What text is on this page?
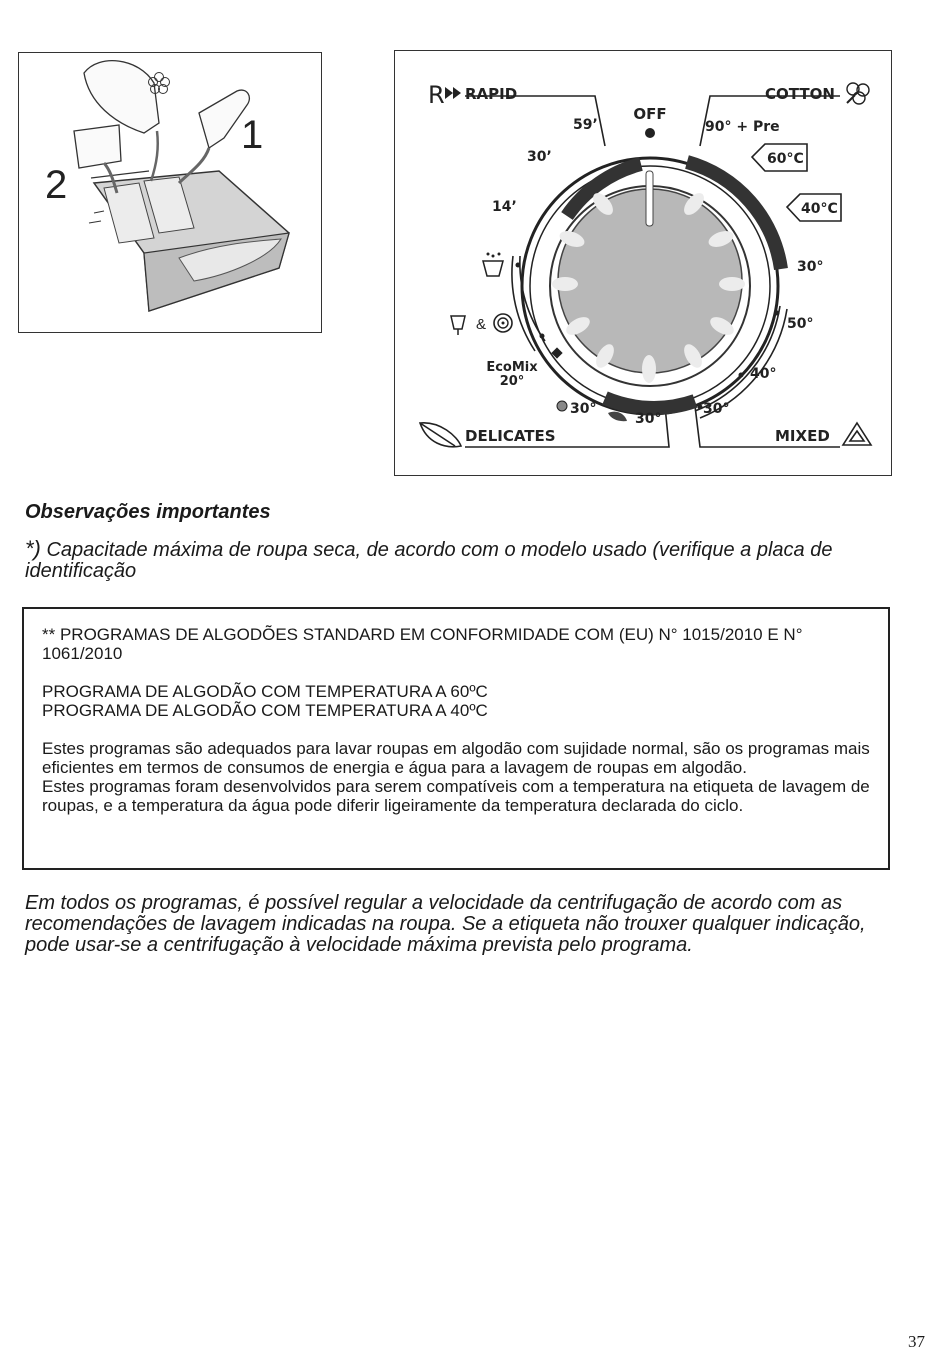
1
2
OFF
R RAPID
59’
30’
14’
COTTON
90° + Pre
60°C
40°C
30°
50°
40°
30°
MIXED
DELICATES
30°
30°
EcoMix
20°
&
Observações importantes
*) Capacitade máxima de roupa seca, de acordo com o modelo usado (verifique a placa de identificação

** PROGRAMAS DE ALGODÕES STANDARD EM CONFORMIDADE COM (EU) N° 1015/2010 E N° 1061/2010

PROGRAMA DE ALGODÃO COM TEMPERATURA A 60ºC

PROGRAMA DE ALGODÃO COM TEMPERATURA A 40ºC

Estes programas são adequados para lavar roupas em algodão com sujidade normal, são os programas mais eficientes em termos de consumos de energia e água para a lavagem de roupas em algodão.

Estes programas foram desenvolvidos para serem compatíveis com a temperatura na etiqueta de lavagem de roupas, e a temperatura da água pode diferir ligeiramente da temperatura declarada do ciclo.

Em todos os programas, é possível regular a velocidade da centrifugação de acordo com as recomendações de lavagem indicadas na roupa. Se a etiqueta não trouxer qualquer indicação, pode usar-se a centrifugação à velocidade máxima prevista pelo programa.
37
